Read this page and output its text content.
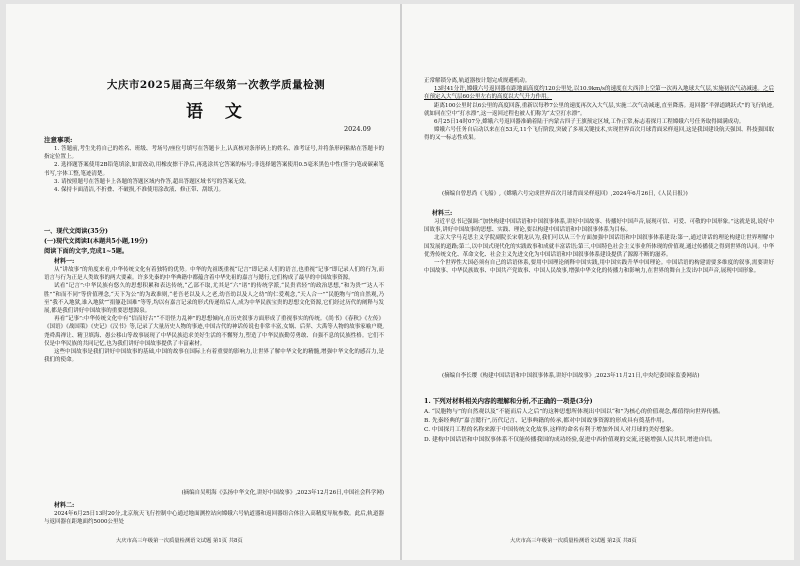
大庆市2025届高三年级第一次教学质量检测
语 文
2024.09
注意事项:

1. 答题前,考生先将自己的姓名、班级、考场号/座位号填写在答题卡上,认真核对条形码上的姓名、准考证号,并将条形码粘贴在答题卡的指定位置上。

2. 选择题答案使用2B铅笔填涂,如需改动,用橡皮擦干净后,再选涂其它答案的标号;非选择题答案使用0.5毫米黑色中性(签字)笔或碳素笔书写,字体工整,笔迹清楚。

3. 请按照题号在答题卡上各题的答题区域内作答,超出答题区域书写的答案无效。

4. 保持卡面清洁,不折叠、不破损,不准使用涂改液、修正带、刮纸刀。

一、现代文阅读(35分)
(一)现代文阅读Ⅰ(本题共5小题,19分)
阅读下面的文字,完成1~5题。
材料一:

从“讲故事”的角度来看,中华传统文化有着独特的优势。中华的先祖既重视“记言”即记录人们的语言,也重视“记事”即记录人们的行为,而语言与行为正是人类故事的两大要素。许多先秦的中华典籍中都蕴含着中华先祖的嘉言与懿行,它们构成了最早的中国故事资源。

试看“记言”:中华民族有悠久的思想积累和表达传统,“乙部不取,尤其是“六”诸”的传统学派,“民贵君轻”的政治思想,“和为贵”“达人不胜”“和而不同”等价值理念,“天下为公”的为政准则,“老吾老以及人之老,幼吾幼以及人之幼”的仁爱观念,“天人合一”“民胞物与”的自然观,乃至“我不入地狱,谁入地狱”“捐躯赴国难”等等,均以有嘉言记录的形式传递给后人,成为中华民族宝贵的思想文化资源,它们经过历代的阐释与发展,都是我们讲好中国故事的重要思想源泉。

再看“记事”:中华传统文化中有“信而好古”“不语怪力乱神”的思想倾向,在历史叙事方面形成了重视事实的传统。《尚书》《春秋》《左传》《国语》《战国策》《史记》《汉书》等,记录了大量历史人物的事迹,中国古代的神话传说也非常丰富,女娲、后羿、大禹等人物的故事家喻户晓,尧舜禹禅让、精卫填海、愚公移山等故事展现了中华民族追求美好生活的不懈努力,塑造了中华民族勤劳勇敢、自强不息的民族性格。它们不仅是中华民族的共同记忆,也为我们讲好中国故事提供了丰富素材。

这些中国故事是我们讲好中国故事的基础,中国的故事在国际上有着重要的影响力,让世界了解中华文化的精髓,增强中华文化的感召力,是我们的使命。

(摘编自吴明海《弘扬中华文化,讲好中国故事》,2023年12月26日,中国社会科学网)
材料二:

2024年6月25日13时20分,北京航天飞行控制中心通过地面测控站向嫦娥六号轨道器和返回器组合体注入高精度导航参数。此后,轨道器与返回器在距地面约5000公里处

大庆市高三年级第一次质量检测语文试题 第1页 共8页

正常解锁分离,轨道器按计划完成规避机动。

13时41分许,嫦娥六号返回器在距地面高度约120公里处,以10.9km/s的速度在大西洋上空第一次再入地球大气层,实施初次气动减速。之后在预定入大气层60公里左右的高度以大气升力作用。

距离100公里时以6公里的高度回落,重新以每秒7公里的速度再次入大气层,实施二次气动减速,直至降落。返回器“半弹道跳跃式”的飞行轨迹,就如同在空中“打水漂”,这一返回过程也被人们称为“太空打水漂”。

6月25日14时07分,嫦娥六号返回器准确着陆于内蒙古四子王旗预定区域,工作正常,标志着探月工程嫦娥六号任务取得圆满成功。

嫦娥六号任务自启动以来在在53天,11个飞行阶段,突破了多项关键技术,实现世界首次月球背面采样返回,这是我国建设航天强国、科技强国取得的又一标志性成果。

(摘编自曾思尚《飞船》,《嫦娥六号完成世界首次月球背面采样返回》,2024年6月26日,《人民日报》)

材料三:

习近平总书记强调:“加快构建中国话语和中国叙事体系,讲好中国故事、传播好中国声音,展现可信、可爱、可敬的中国形象。”这就是说,说好中国故事,讲好中国故事的思想、实践、理论,要以构建中国话语和中国叙事体系为目标。

北京大学马克思主义学院副院长宋朝龙认为,我们可以从三个方面加强中国话语和中国叙事体系建设:第一,通过讲话的理论构建让世界理解中国发展的道路;第二,以中国式现代化的实践故事和成就丰富话语;第三,中国特色社会主义事业所体现的价值观,通过传播使之得到世界的认同。中华优秀传统文化、革命文化、社会主义先进文化为中国话语和中国叙事体系建设提供了源源不断的滋养。

一个世界性大国必须有自己的话语体系,要用中国理论阐释中国实践,用中国实践升华中国理论。中国话语的构建需要多维度的叙事,需要讲好中国故事、中华民族故事、中国共产党故事、中国人民故事,增强中华文化的传播力和影响力,在世界的舞台上发出中国声音,展现中国形象。

(摘编自李长缨《构建中国话语和中国叙事体系,讲好中国故事》,2023年11月21日,中央纪委国家监委网站)

1. 下列对材料相关内容的理解和分析,不正确的一项是(3分)

A. “民胞物与”的自然观以及“不能而后人之后”的这种思想所体现出中国以“和”为核心的价值观念,都值得向世界传播。

B. 先秦经典的“嘉言懿行”,历代记言、记事典籍的传承,都对中国故事资源的形成具有奠基作用。

C. 中国探月工程的名称来源于中国传统文化故事,这样的命名有利于增加外国人对月球的美好想象。

D. 建构中国话语和中国叙事体系不仅能传播我国的成功经验,促进中西价值观的交流,还能增强人民共识,增进自信。

大庆市高三年级第一次质量检测语文试题 第2页 共8页
